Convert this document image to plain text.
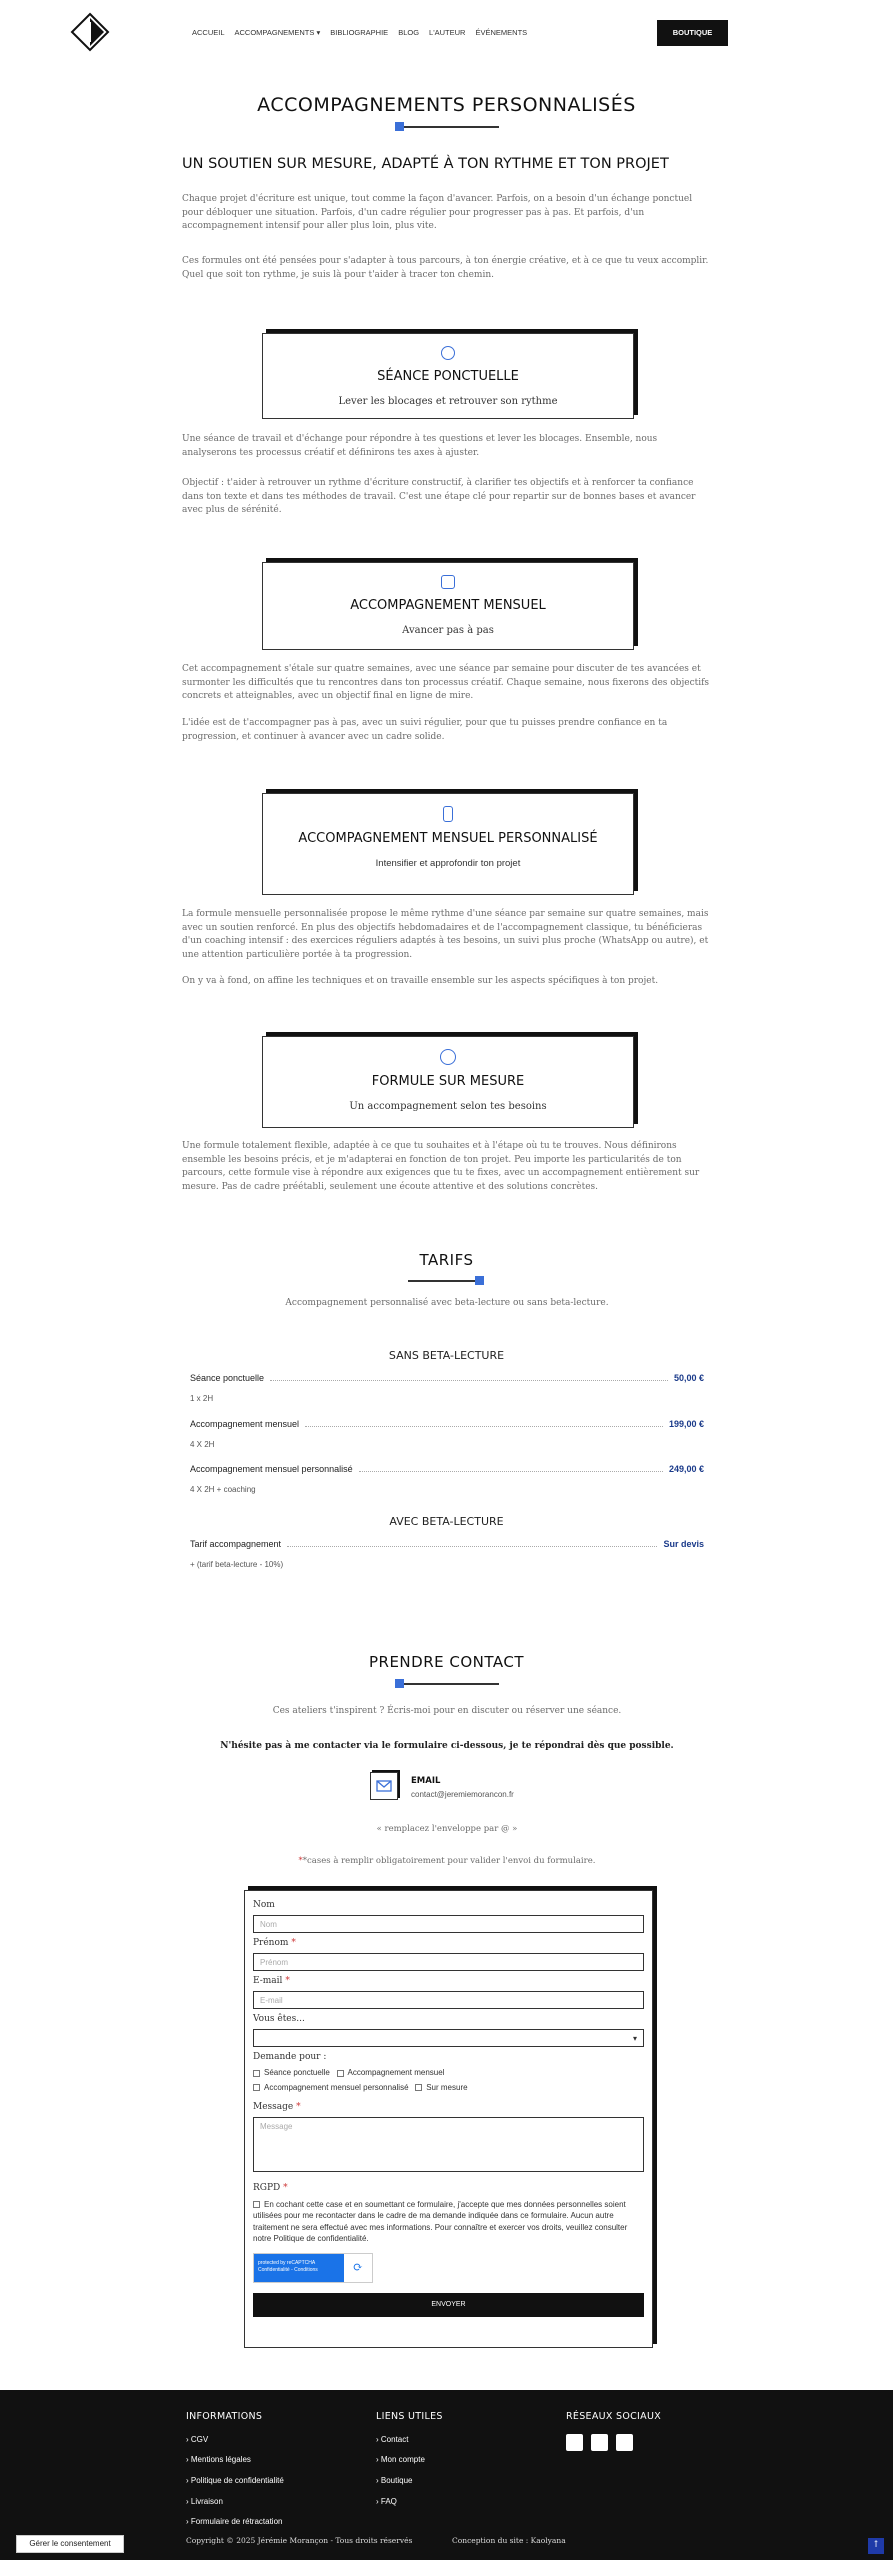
ACCUEIL ACCOMPAGNEMENTS ▾ BIBLIOGRAPHIE BLOG L'AUTEUR ÉVÉNEMENTS	BOUTIQUE
ACCOMPAGNEMENTS PERSONNALISÉS
UN SOUTIEN SUR MESURE, ADAPTÉ À TON RYTHME ET TON PROJET
Chaque projet d'écriture est unique, tout comme la façon d'avancer. Parfois, on a besoin d'un échange ponctuel pour débloquer une situation. Parfois, d'un cadre régulier pour progresser pas à pas. Et parfois, d'un accompagnement intensif pour aller plus loin, plus vite.
Ces formules ont été pensées pour s'adapter à tous parcours, à ton énergie créative, et à ce que tu veux accomplir. Quel que soit ton rythme, je suis là pour t'aider à tracer ton chemin.
SÉANCE PONCTUELLE
Lever les blocages et retrouver son rythme
Une séance de travail et d'échange pour répondre à tes questions et lever les blocages. Ensemble, nous analyserons tes processus créatif et définirons tes axes à ajuster.
Objectif : t'aider à retrouver un rythme d'écriture constructif, à clarifier tes objectifs et à renforcer ta confiance dans ton texte et dans tes méthodes de travail. C'est une étape clé pour repartir sur de bonnes bases et avancer avec plus de sérénité.
ACCOMPAGNEMENT MENSUEL
Avancer pas à pas
Cet accompagnement s'étale sur quatre semaines, avec une séance par semaine pour discuter de tes avancées et surmonter les difficultés que tu rencontres dans ton processus créatif. Chaque semaine, nous fixerons des objectifs concrets et atteignables, avec un objectif final en ligne de mire.
L'idée est de t'accompagner pas à pas, avec un suivi régulier, pour que tu puisses prendre confiance en ta progression, et continuer à avancer avec un cadre solide.
ACCOMPAGNEMENT MENSUEL PERSONNALISÉ
Intensifier et approfondir ton projet
La formule mensuelle personnalisée propose le même rythme d'une séance par semaine sur quatre semaines, mais avec un soutien renforcé. En plus des objectifs hebdomadaires et de l'accompagnement classique, tu bénéficieras d'un coaching intensif : des exercices réguliers adaptés à tes besoins, un suivi plus proche (WhatsApp ou autre), et une attention particulière portée à ta progression.
On y va à fond, on affine les techniques et on travaille ensemble sur les aspects spécifiques à ton projet.
FORMULE SUR MESURE
Un accompagnement selon tes besoins
Une formule totalement flexible, adaptée à ce que tu souhaites et à l'étape où tu te trouves. Nous définirons ensemble les besoins précis, et je m'adapterai en fonction de ton projet. Peu importe les particularités de ton parcours, cette formule vise à répondre aux exigences que tu te fixes, avec un accompagnement entièrement sur mesure. Pas de cadre préétabli, seulement une écoute attentive et des solutions concrètes.
TARIFS
Accompagnement personnalisé avec beta-lecture ou sans beta-lecture.
SANS BETA-LECTURE
Séance ponctuelle	50,00 €
1 x 2H
Accompagnement mensuel	199,00 €
4 X 2H
Accompagnement mensuel personnalisé	249,00 €
4 X 2H + coaching
AVEC BETA-LECTURE
Tarif accompagnement	Sur devis
+ (tarif beta-lecture - 10%)
PRENDRE CONTACT
Ces ateliers t'inspirent ? Écris-moi pour en discuter ou réserver une séance.
N'hésite pas à me contacter via le formulaire ci-dessous, je te répondrai dès que possible.
EMAIL
contact@jeremiemorancon.fr
« remplacez l'enveloppe par @ »
**cases à remplir obligatoirement pour valider l'envoi du formulaire.
Nom
Nom
Prénom *
Prénom
E-mail *
E-mail
Vous êtes...
▾
Demande pour :
Séance ponctuelle Accompagnement mensuel
Accompagnement mensuel personnalisé Sur mesure
Message *
Message
RGPD *
En cochant cette case et en soumettant ce formulaire, j'accepte que mes données personnelles soient utilisées pour me recontacter dans le cadre de ma demande indiquée dans ce formulaire. Aucun autre traitement ne sera effectué avec mes informations. Pour connaître et exercer vos droits, veuillez consulter notre Politique de confidentialité.
protected by reCAPTCHA
Confidentialité - Conditions	⟳
ENVOYER
INFORMATIONS
› CGV
› Mentions légales
› Politique de confidentialité
› Livraison
› Formulaire de rétractation
LIENS UTILES
› Contact
› Mon compte
› Boutique
› FAQ
RÉSEAUX SOCIAUX
Copyright © 2025 Jérémie Morançon - Tous droits réservés	Conception du site : Kaolyana
Gérer le consentement	↑
